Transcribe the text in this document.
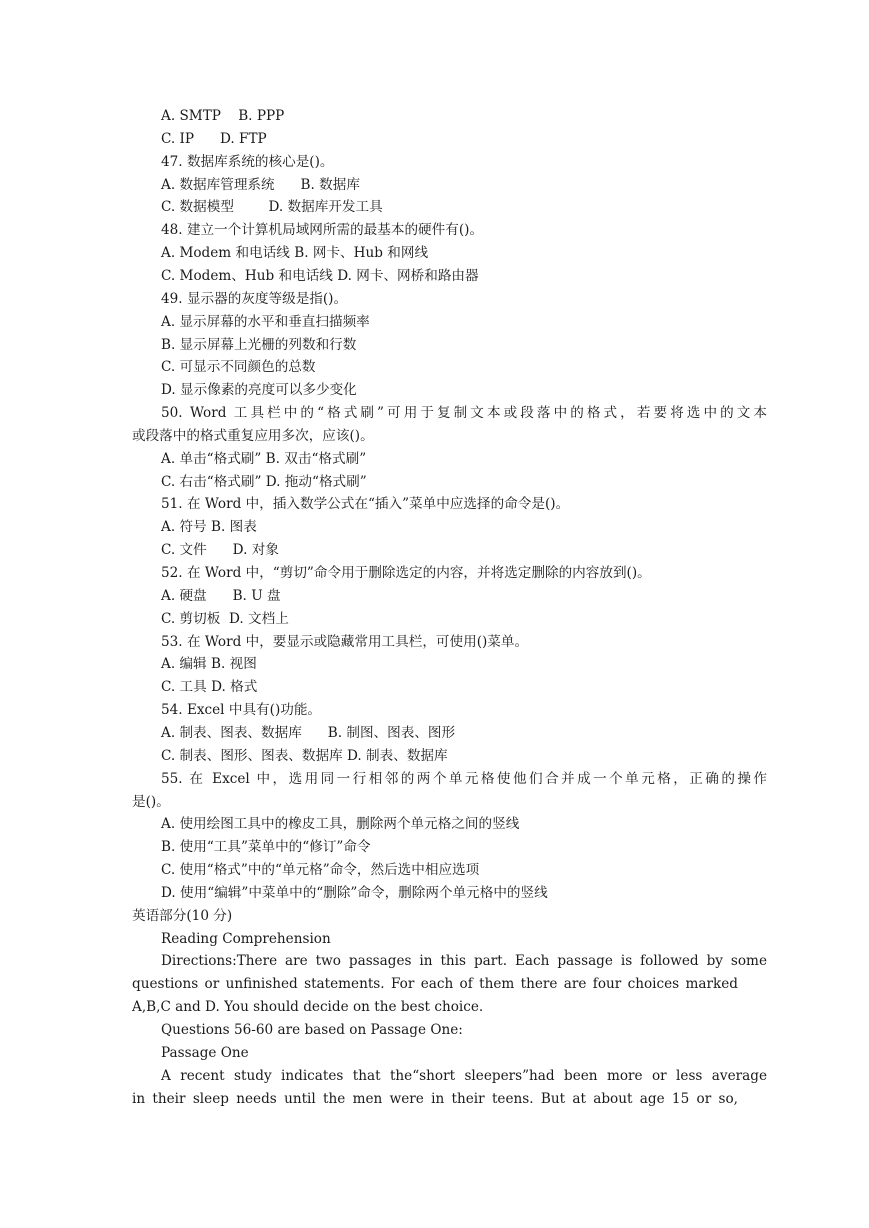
A. SMTP    B. PPP
C. IP      D. FTP
47. 数据库系统的核心是()。
A. 数据库管理系统      B. 数据库
C. 数据模型        D. 数据库开发工具
48. 建立一个计算机局域网所需的最基本的硬件有()。
A. Modem 和电话线 B. 网卡、Hub 和网线
C. Modem、Hub 和电话线 D. 网卡、网桥和路由器
49. 显示器的灰度等级是指()。
A. 显示屏幕的水平和垂直扫描频率
B. 显示屏幕上光栅的列数和行数
C. 可显示不同颜色的总数
D. 显示像素的亮度可以多少变化
50. Word 工具栏中的“格式刷”可用于复制文本或段落中的格式，若要将选中的文本
或段落中的格式重复应用多次，应该()。
A. 单击“格式刷” B. 双击“格式刷”
C. 右击“格式刷” D. 拖动“格式刷”
51. 在 Word 中，插入数学公式在“插入”菜单中应选择的命令是()。
A. 符号 B. 图表
C. 文件      D. 对象
52. 在 Word 中，“剪切”命令用于删除选定的内容，并将选定删除的内容放到()。
A. 硬盘      B. U 盘
C. 剪切板  D. 文档上
53. 在 Word 中，要显示或隐藏常用工具栏，可使用()菜单。
A. 编辑 B. 视图
C. 工具 D. 格式
54. Excel 中具有()功能。
A. 制表、图表、数据库      B. 制图、图表、图形
C. 制表、图形、图表、数据库 D. 制表、数据库
55. 在 Excel 中，选用同一行相邻的两个单元格使他们合并成一个单元格，正确的操作
是()。
A. 使用绘图工具中的橡皮工具，删除两个单元格之间的竖线
B. 使用“工具”菜单中的“修订”命令
C. 使用“格式”中的“单元格”命令，然后选中相应选项
D. 使用“编辑”中菜单中的“删除”命令，删除两个单元格中的竖线
英语部分(10 分)
Reading Comprehension
Directions:There are two passages in this part. Each passage is followed by some
questions or unfinished statements. For each of them there are four choices marked
A,B,C and D. You should decide on the best choice.
Questions 56-60 are based on Passage One:
Passage One
A recent study indicates that the“short sleepers”had been more or less average
in their sleep needs until the men were in their teens. But at about age 15 or so,
